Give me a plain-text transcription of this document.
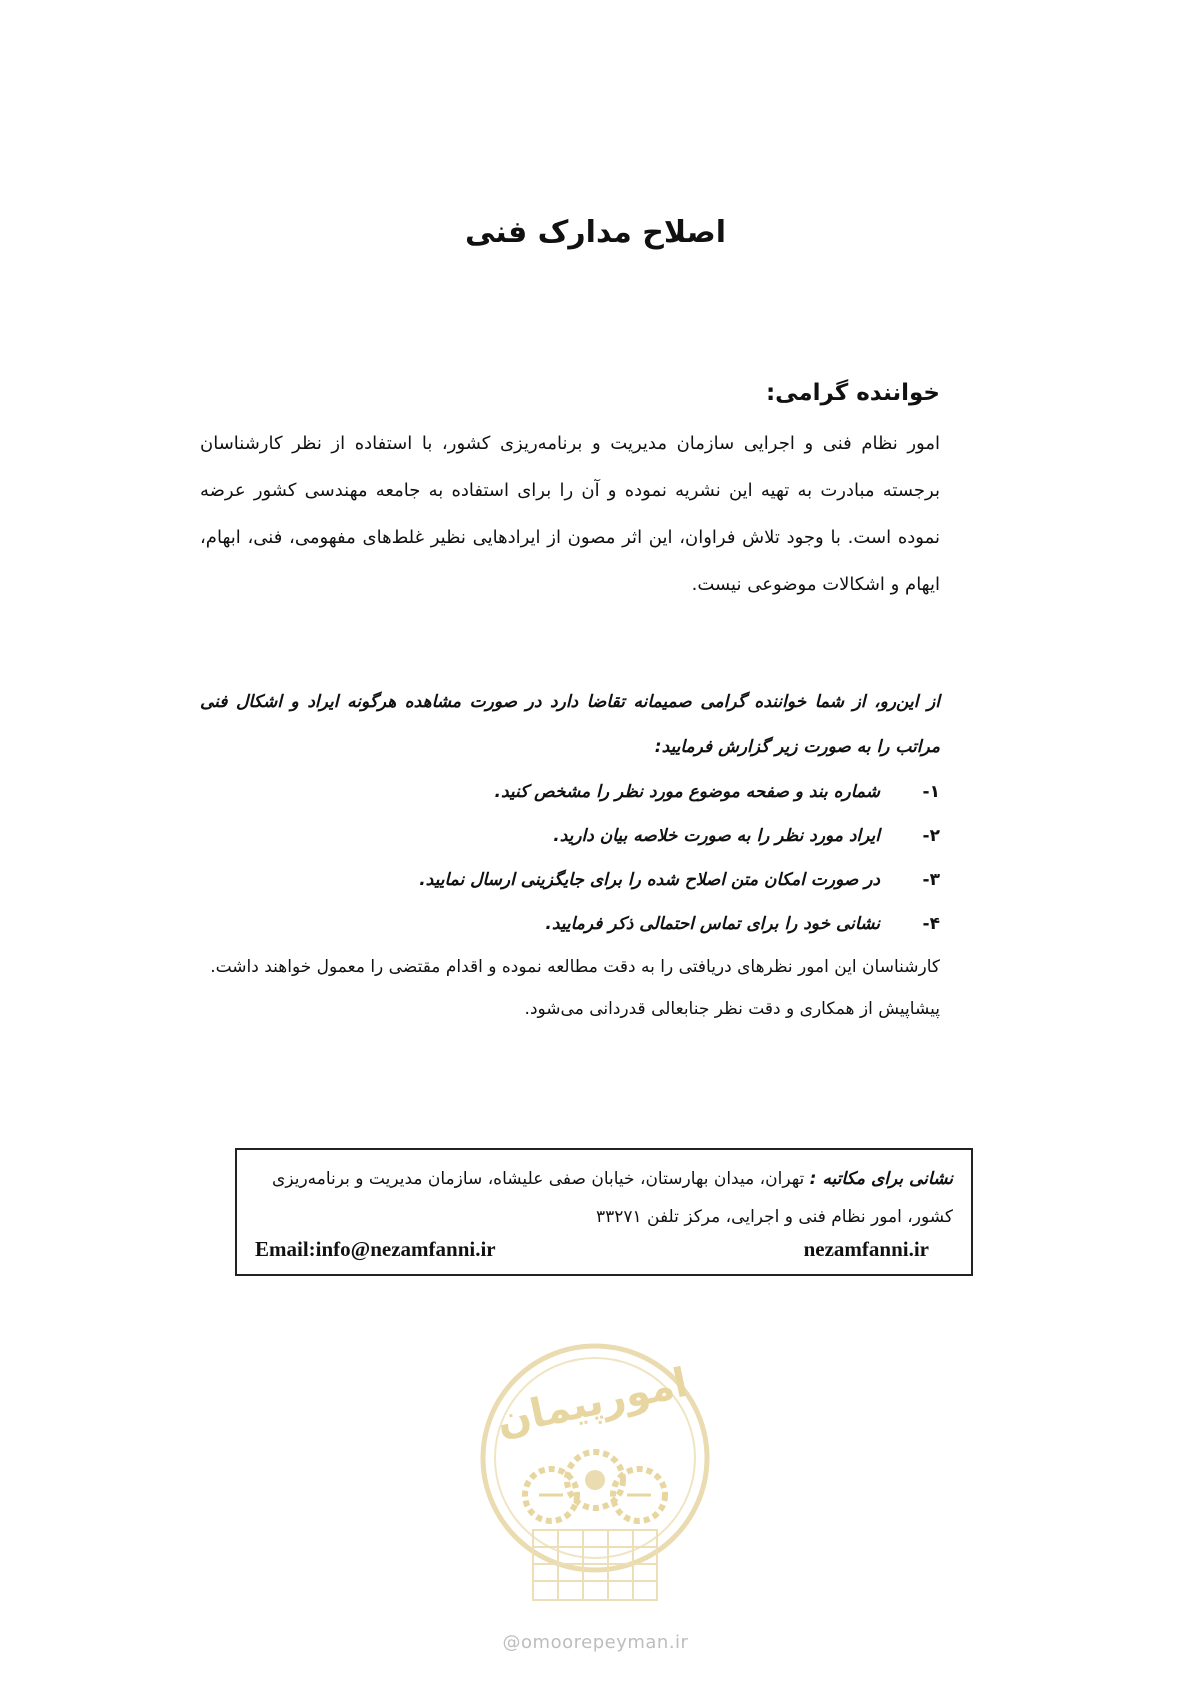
اصلاح مدارک فنی

خواننده گرامی:

امور نظام فنی و اجرایی سازمان مدیریت و برنامه‌ریزی کشور، با استفاده از نظر کارشناسان برجسته مبادرت به تهیه این نشریه نموده و آن را برای استفاده به جامعه مهندسی کشور عرضه نموده است. با وجود تلاش فراوان، این اثر مصون از ایرادهایی نظیر غلط‌های مفهومی، فنی، ابهام، ایهام و اشکالات موضوعی نیست.

از این‌رو، از شما خواننده گرامی صمیمانه تقاضا دارد در صورت مشاهده هرگونه ایراد و اشکال فنی مراتب را به صورت زیر گزارش فرمایید:

۱-
شماره بند و صفحه موضوع مورد نظر را مشخص کنید.
۲-
ایراد مورد نظر را به صورت خلاصه بیان دارید.
۳-
در صورت امکان متن اصلاح شده را برای جایگزینی ارسال نمایید.
۴-
نشانی خود را برای تماس احتمالی ذکر فرمایید.

کارشناسان این امور نظرهای دریافتی را به دقت مطالعه نموده و اقدام مقتضی را معمول خواهند داشت.

پیشاپیش از همکاری و دقت نظر جنابعالی قدردانی می‌شود.

نشانی برای مکاتبه : تهران، میدان بهارستان، خیابان صفی علیشاه، سازمان مدیریت و برنامه‌ریزی کشور، امور نظام فنی و اجرایی، مرکز تلفن ۳۳۲۷۱

Email:info@nezamfanni.ir	nezamfanni.ir
امورپیمان
@omoorepeyman.ir
